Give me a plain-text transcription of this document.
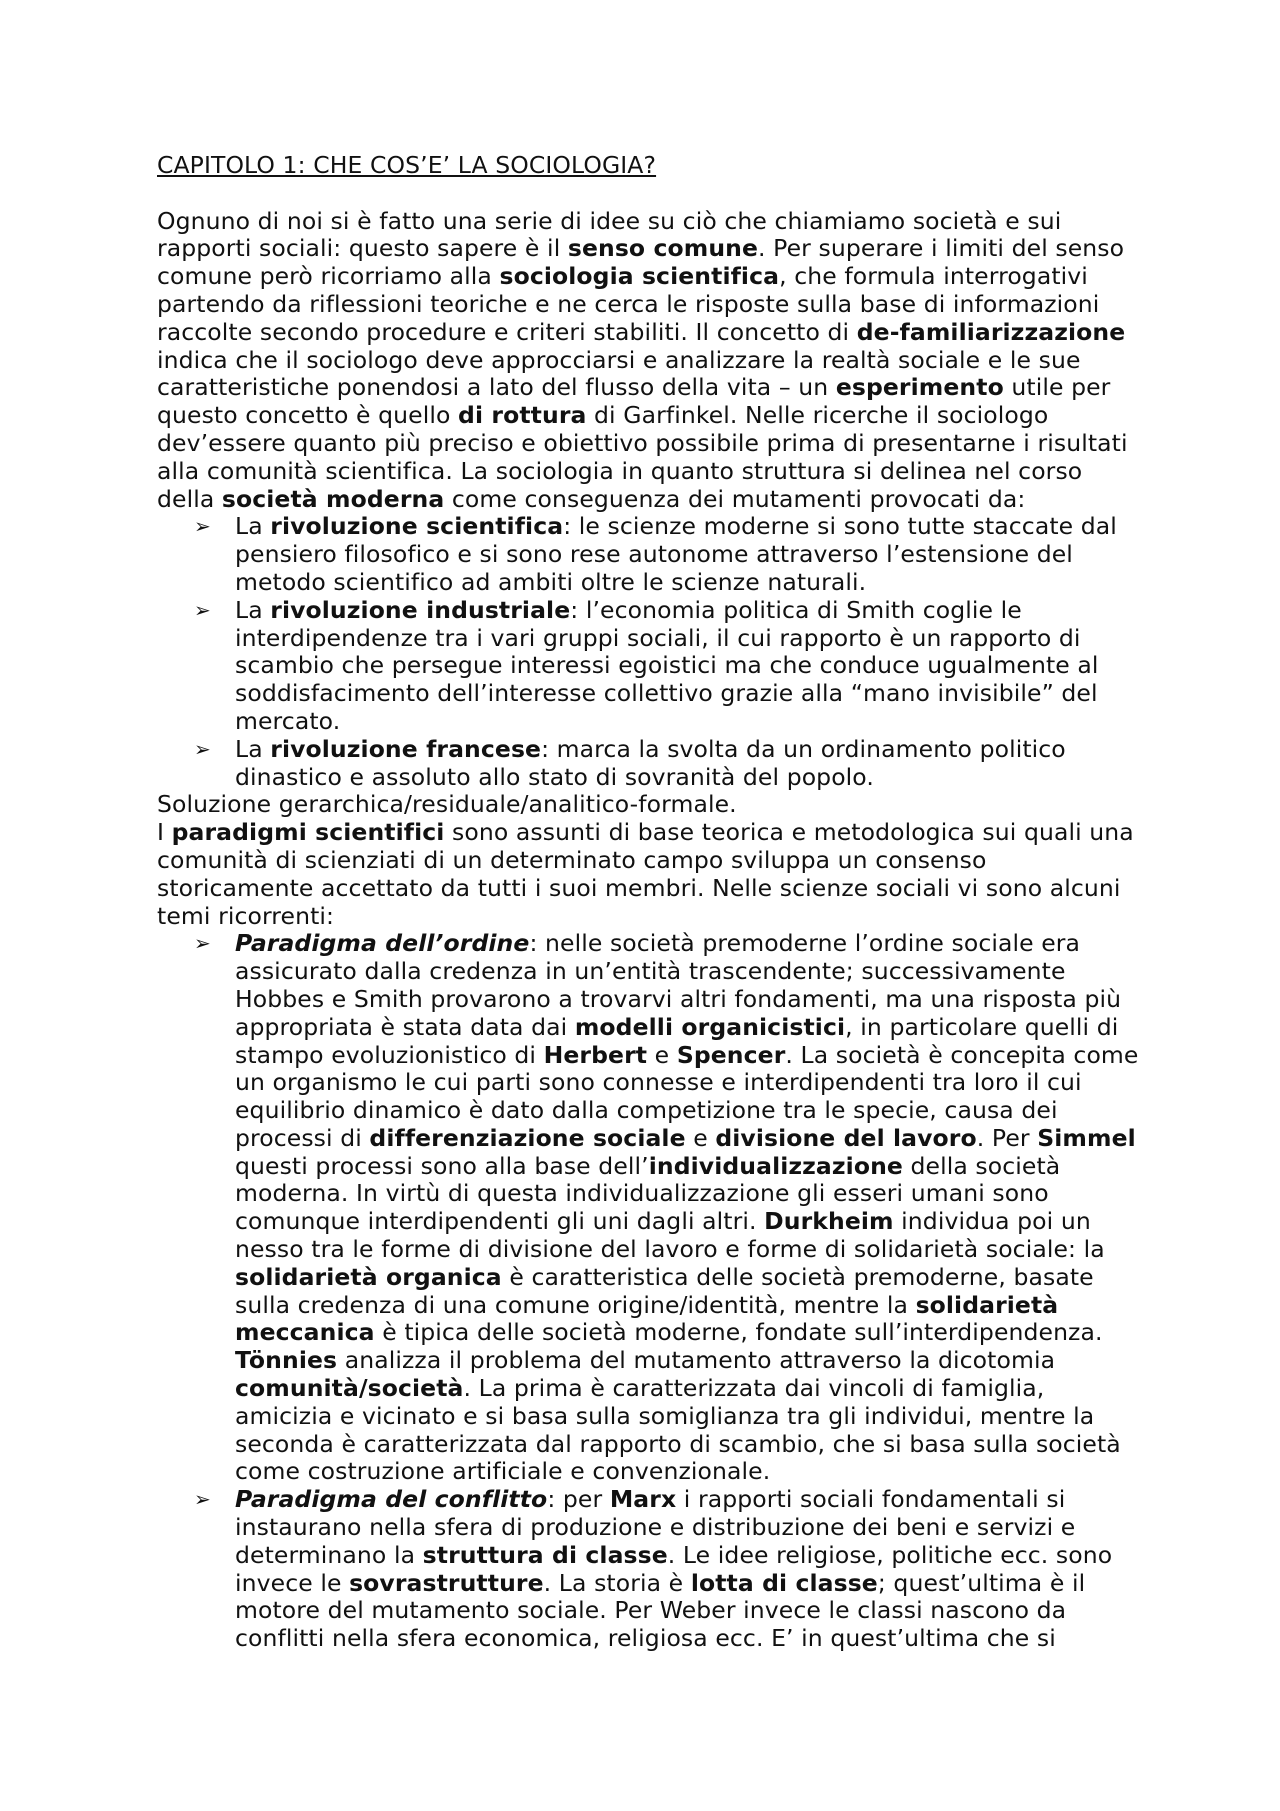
CAPITOLO 1: CHE COS’E’ LA SOCIOLOGIA?

Ognuno di noi si è fatto una serie di idee su ciò che chiamiamo società e sui rapporti sociali: questo sapere è il senso comune. Per superare i limiti del senso comune però ricorriamo alla sociologia scientifica, che formula interrogativi partendo da riflessioni teoriche e ne cerca le risposte sulla base di informazioni raccolte secondo procedure e criteri stabiliti. Il concetto di de-familiarizzazione indica che il sociologo deve approcciarsi e analizzare la realtà sociale e le sue caratteristiche ponendosi a lato del flusso della vita – un esperimento utile per questo concetto è quello di rottura di Garfinkel. Nelle ricerche il sociologo dev’essere quanto più preciso e obiettivo possibile prima di presentarne i risultati alla comunità scientifica. La sociologia in quanto struttura si delinea nel corso della società moderna come conseguenza dei mutamenti provocati da:

➢ La rivoluzione scientifica: le scienze moderne si sono tutte staccate dal pensiero filosofico e si sono rese autonome attraverso l’estensione del metodo scientifico ad ambiti oltre le scienze naturali.
➢ La rivoluzione industriale: l’economia politica di Smith coglie le interdipendenze tra i vari gruppi sociali, il cui rapporto è un rapporto di scambio che persegue interessi egoistici ma che conduce ugualmente al soddisfacimento dell’interesse collettivo grazie alla “mano invisibile” del mercato.
➢ La rivoluzione francese: marca la svolta da un ordinamento politico dinastico e assoluto allo stato di sovranità del popolo.

Soluzione gerarchica/residuale/analitico-formale.

I paradigmi scientifici sono assunti di base teorica e metodologica sui quali una comunità di scienziati di un determinato campo sviluppa un consenso storicamente accettato da tutti i suoi membri. Nelle scienze sociali vi sono alcuni temi ricorrenti:

➢ Paradigma dell’ordine: nelle società premoderne l’ordine sociale era assicurato dalla credenza in un’entità trascendente; successivamente Hobbes e Smith provarono a trovarvi altri fondamenti, ma una risposta più appropriata è stata data dai modelli organicistici, in particolare quelli di stampo evoluzionistico di Herbert e Spencer. La società è concepita come un organismo le cui parti sono connesse e interdipendenti tra loro il cui equilibrio dinamico è dato dalla competizione tra le specie, causa dei processi di differenziazione sociale e divisione del lavoro. Per Simmel questi processi sono alla base dell’individualizzazione della società moderna. In virtù di questa individualizzazione gli esseri umani sono comunque interdipendenti gli uni dagli altri. Durkheim individua poi un nesso tra le forme di divisione del lavoro e forme di solidarietà sociale: la solidarietà organica è caratteristica delle società premoderne, basate sulla credenza di una comune origine/identità, mentre la solidarietà meccanica è tipica delle società moderne, fondate sull’interdipendenza. Tönnies analizza il problema del mutamento attraverso la dicotomia comunità/società. La prima è caratterizzata dai vincoli di famiglia, amicizia e vicinato e si basa sulla somiglianza tra gli individui, mentre la seconda è caratterizzata dal rapporto di scambio, che si basa sulla società come costruzione artificiale e convenzionale.
➢ Paradigma del conflitto: per Marx i rapporti sociali fondamentali si instaurano nella sfera di produzione e distribuzione dei beni e servizi e determinano la struttura di classe. Le idee religiose, politiche ecc. sono invece le sovrastrutture. La storia è lotta di classe; quest’ultima è il motore del mutamento sociale. Per Weber invece le classi nascono da conflitti nella sfera economica, religiosa ecc. E’ in quest’ultima che si
